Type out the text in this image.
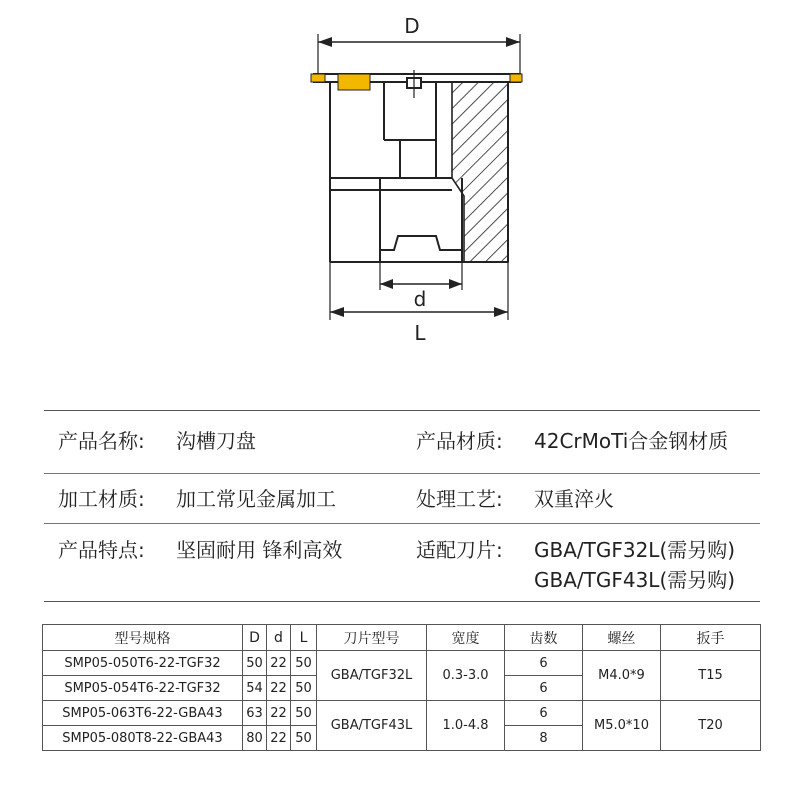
D
d
L
产品名称: 沟槽刀盘	产品材质: 42CrMoTi合金钢材质
加工材质: 加工常见金属加工	处理工艺: 双重淬火
产品特点: 坚固耐用 锋利高效	适配刀片: GBA/TGF32L(需另购)
GBA/TGF43L(需另购)
型号规格	D	d	L	刀片型号	宽度	齿数	螺丝	扳手
SMP05-050T6-22-TGF32	50	22	50	GBA/TGF32L	0.3-3.0	6	M4.0*9	T15
SMP05-054T6-22-TGF32	54	22	50			6		
SMP05-063T6-22-GBA43	63	22	50	GBA/TGF43L	1.0-4.8	6	M5.0*10	T20
SMP05-080T8-22-GBA43	80	22	50			8		
